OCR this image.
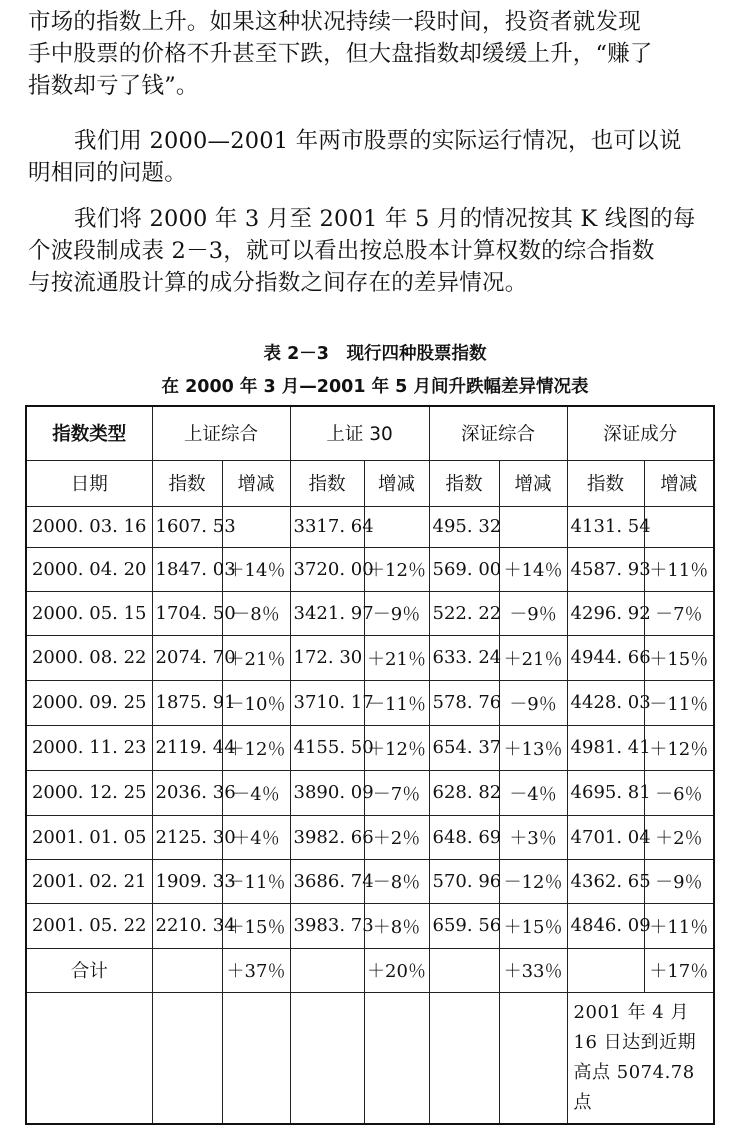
市场的指数上升。如果这种状况持续一段时间，投资者就发现
手中股票的价格不升甚至下跌，但大盘指数却缓缓上升，“赚了
指数却亏了钱”。

我们用 2000—2001 年两市股票的实际运行情况，也可以说
明相同的问题。

我们将 2000 年 3 月至 2001 年 5 月的情况按其 K 线图的每
个波段制成表 2－3，就可以看出按总股本计算权数的综合指数
与按流通股计算的成分指数之间存在的差异情况。

表 2－3　现行四种股票指数
在 2000 年 3 月—2001 年 5 月间升跌幅差异情况表
指数类型	上证综合		上证 30		深证综合		深证成分	
日期	指数	增减	指数	增减	指数	增减	指数	增减
2000. 03. 16	1607. 53		3317. 64		495. 32		4131. 54	
2000. 04. 20	1847. 03	＋14％	3720. 00	＋12％	569. 00	＋14％	4587. 93	＋11％
2000. 05. 15	1704. 50	－8％	3421. 97	－9％	522. 22	－9％	4296. 92	－7％
2000. 08. 22	2074. 70	＋21％	172. 30	＋21％	633. 24	＋21％	4944. 66	＋15％
2000. 09. 25	1875. 91	－10％	3710. 17	－11％	578. 76	－9％	4428. 03	－11％
2000. 11. 23	2119. 44	＋12％	4155. 50	＋12％	654. 37	＋13％	4981. 41	＋12％
2000. 12. 25	2036. 36	－4％	3890. 09	－7％	628. 82	－4％	4695. 81	－6％
2001. 01. 05	2125. 30	＋4％	3982. 66	＋2％	648. 69	＋3％	4701. 04	＋2％
2001. 02. 21	1909. 33	－11％	3686. 74	－8％	570. 96	－12％	4362. 65	－9％
2001. 05. 22	2210. 34	＋15％	3983. 73	＋8％	659. 56	＋15％	4846. 09	＋11％
合计		＋37％		＋20％		＋33％		＋17％
							2001 年 4 月 16 日达到近期高点 5074.78 点	
